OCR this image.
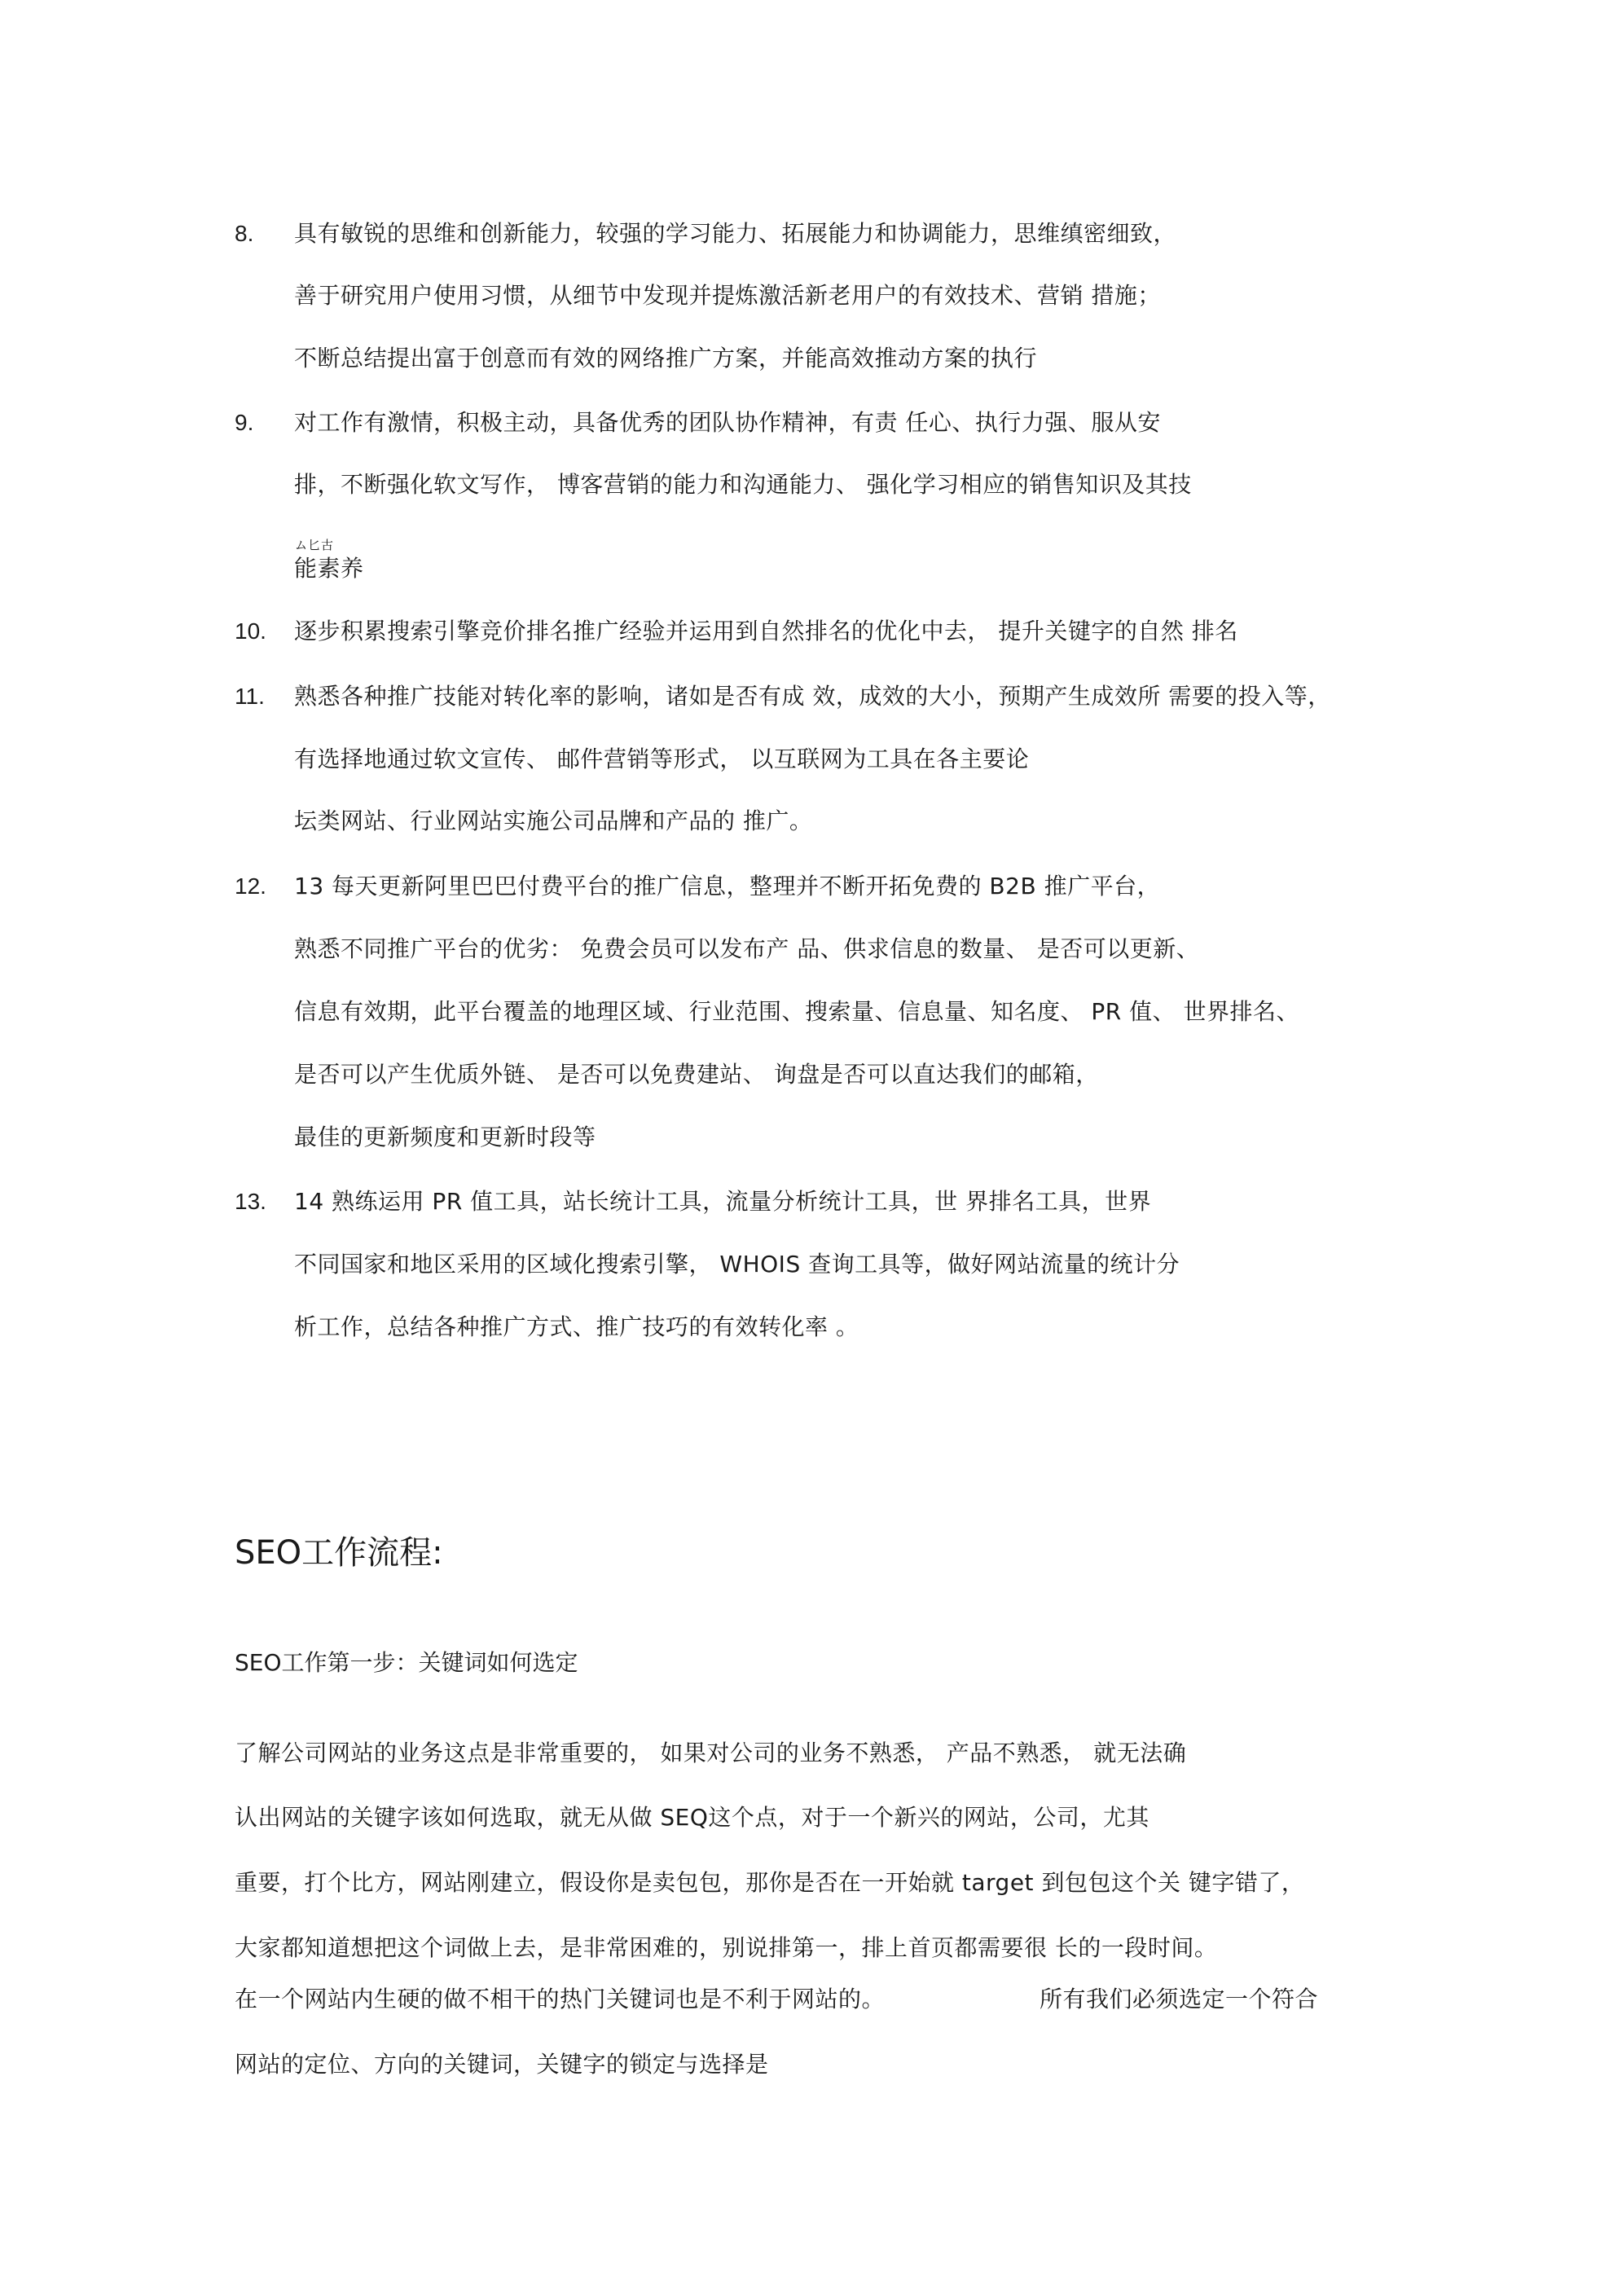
8. 具有敏锐的思维和创新能力，较强的学习能力、拓展能力和协调能力，思维缜密细致，
善于研究用户使用习惯，从细节中发现并提炼激活新老用户的有效技术、营销 措施；
不断总结提出富于创意而有效的网络推广方案，并能高效推动方案的执行
9. 对工作有激情，积极主动，具备优秀的团队协作精神，有责 任心、执行力强、服从安
排，不断强化软文写作， 博客营销的能力和沟通能力、 强化学习相应的销售知识及其技
ム匕古
能素养
10. 逐步积累搜索引擎竞价排名推广经验并运用到自然排名的优化中去， 提升关键字的自然 排名
11. 熟悉各种推广技能对转化率的影响，诸如是否有成 效，成效的大小，预期产生成效所 需要的投入等，
有选择地通过软文宣传、 邮件营销等形式， 以互联网为工具在各主要论
坛类网站、行业网站实施公司品牌和产品的 推广。
12. 13 每天更新阿里巴巴付费平台的推广信息，整理并不断开拓免费的 B2B 推广平台，
熟悉不同推广平台的优劣： 免费会员可以发布产 品、供求信息的数量、 是否可以更新、
信息有效期，此平台覆盖的地理区域、行业范围、搜索量、信息量、知名度、 PR 值、 世界排名、
是否可以产生优质外链、 是否可以免费建站、 询盘是否可以直达我们的邮箱，
最佳的更新频度和更新时段等
13. 14 熟练运用 PR 值工具，站长统计工具，流量分析统计工具，世 界排名工具，世界
不同国家和地区采用的区域化搜索引擎， WHOIS 查询工具等，做好网站流量的统计分
析工作，总结各种推广方式、推广技巧的有效转化率 。
SEO工作流程:
SEO工作第一步：关键词如何选定
了解公司网站的业务这点是非常重要的， 如果对公司的业务不熟悉， 产品不熟悉， 就无法确
认出网站的关键字该如何选取，就无从做 SEQ这个点，对于一个新兴的网站，公司，尤其
重要，打个比方，网站刚建立，假设你是卖包包，那你是否在一开始就 target 到包包这个关 键字错了，
大家都知道想把这个词做上去，是非常困难的，别说排第一，排上首页都需要很 长的一段时间。
在一个网站内生硬的做不相干的热门关键词也是不利于网站的。	所有我们必须选定一个符合
网站的定位、方向的关键词，关键字的锁定与选择是
